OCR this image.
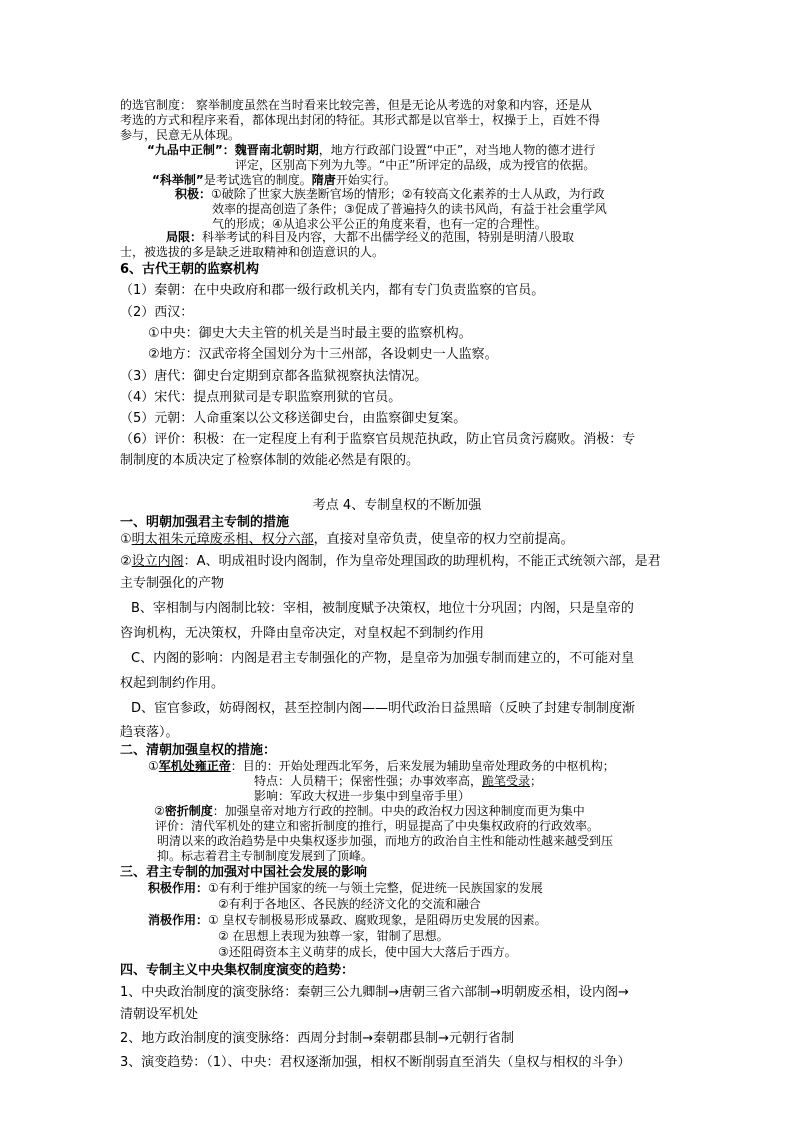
的选官制度： 察举制度虽然在当时看来比较完善，但是无论从考选的对象和内容，还是从
考选的方式和程序来看，都体现出封闭的特征。其形式都是以官举士，权操于上，百姓不得
参与，民意无从体现。
“九品中正制”：魏晋南北朝时期，地方行政部门设置“中正”，对当地人物的德才进行
评定，区别高下列为九等。“中正”所评定的品级，成为授官的依据。
“科举制”是考试选官的制度。隋唐开始实行。
积极：①破除了世家大族垄断官场的情形；②有较高文化素养的士人从政，为行政
效率的提高创造了条件；③促成了普遍持久的读书风尚，有益于社会重学风
气的形成；④从追求公平公正的角度来看，也有一定的合理性。
局限：科举考试的科目及内容，大都不出儒学经义的范围，特别是明清八股取
士，被选拔的多是缺乏进取精神和创造意识的人。
6、古代王朝的监察机构
（1）秦朝：在中央政府和郡一级行政机关内，都有专门负责监察的官员。
（2）西汉：
①中央：御史大夫主管的机关是当时最主要的监察机构。
②地方：汉武帝将全国划分为十三州部，各设刺史一人监察。
（3）唐代：御史台定期到京都各监狱视察执法情况。
（4）宋代：提点刑狱司是专职监察刑狱的官员。
（5）元朝：人命重案以公文移送御史台，由监察御史复案。
（6）评价：积极：在一定程度上有利于监察官员规范执政，防止官员贪污腐败。消极：专
制制度的本质决定了检察体制的效能必然是有限的。
考点 4、专制皇权的不断加强
一、明朝加强君主专制的措施
①明太祖朱元璋废丞相、权分六部，直接对皇帝负责，使皇帝的权力空前提高。
②设立内阁：A、明成祖时设内阁制，作为皇帝处理国政的助理机构，不能正式统领六部，是君
主专制强化的产物
B、宰相制与内阁制比较：宰相，被制度赋予决策权，地位十分巩固；内阁，只是皇帝的
咨询机构，无决策权，升降由皇帝决定，对皇权起不到制约作用
C、内阁的影响：内阁是君主专制强化的产物，是皇帝为加强专制而建立的，不可能对皇
权起到制约作用。
D、宦官参政，妨碍阁权，甚至控制内阁——明代政治日益黑暗（反映了封建专制制度渐
趋衰落）。
二、清朝加强皇权的措施：
①军机处雍正帝：目的：开始处理西北军务，后来发展为辅助皇帝处理政务的中枢机构；
特点：人员精干；保密性强；办事效率高，跪笔受录；
影响：军政大权进一步集中到皇帝手里）
②密折制度：加强皇帝对地方行政的控制。中央的政治权力因这种制度而更为集中
评价：清代军机处的建立和密折制度的推行，明显提高了中央集权政府的行政效率。
明清以来的政治趋势是中央集权逐步加强，而地方的政治自主性和能动性越来越受到压
抑。标志着君主专制制度发展到了顶峰。
三、君主专制的加强对中国社会发展的影响
积极作用：①有利于维护国家的统一与领土完整，促进统一民族国家的发展
②有利于各地区、各民族的经济文化的交流和融合
消极作用：① 皇权专制极易形成暴政、腐败现象，是阻碍历史发展的因素。
② 在思想上表现为独尊一家，钳制了思想。
③还阻碍资本主义萌芽的成长，使中国大大落后于西方。
四、专制主义中央集权制度演变的趋势：
1、中央政治制度的演变脉络：秦朝三公九卿制→唐朝三省六部制→明朝废丞相，设内阁→
清朝设军机处
2、地方政治制度的演变脉络：西周分封制→秦朝郡县制→元朝行省制
3、演变趋势：（1）、中央：君权逐渐加强，相权不断削弱直至消失（皇权与相权的斗争）
